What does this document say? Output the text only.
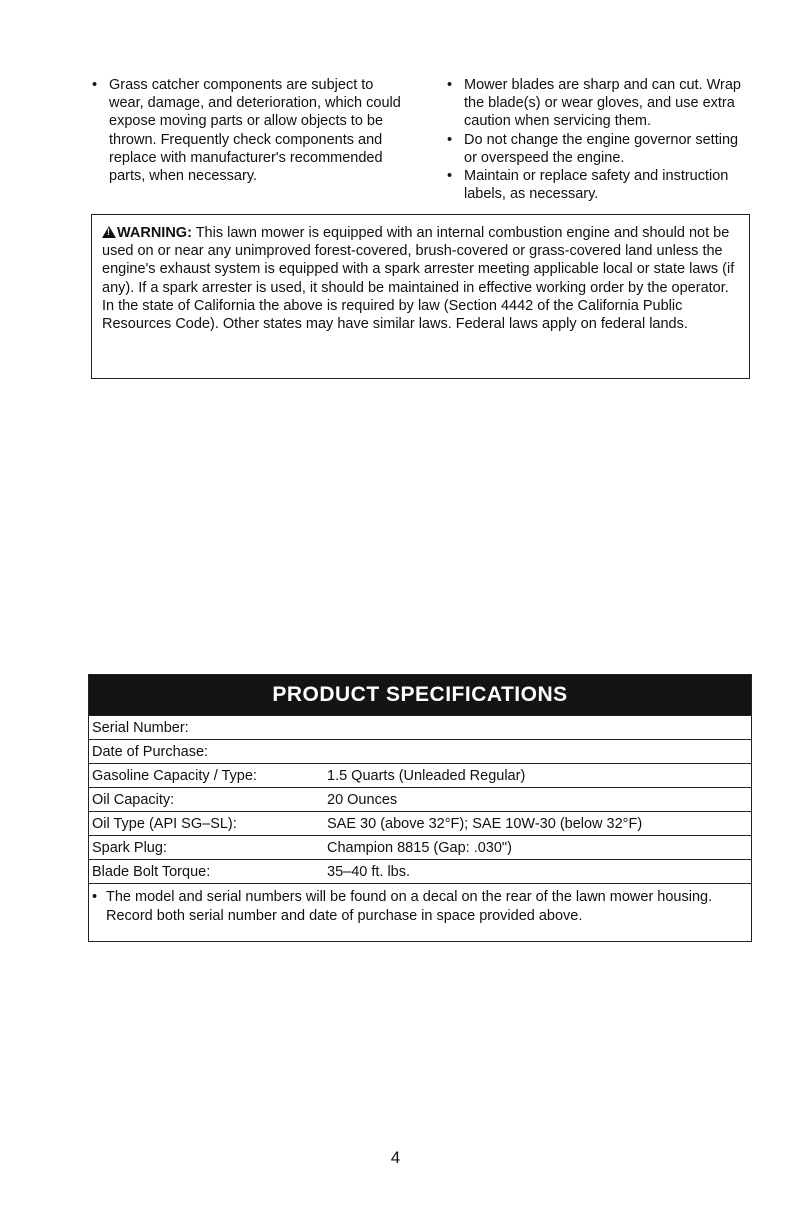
• Grass catcher components are subject to wear, damage, and deterioration, which could expose moving parts or allow objects to be thrown. Frequently check components and replace with manufacturer's recommended parts, when necessary.
• Mower blades are sharp and can cut. Wrap the blade(s) or wear gloves, and use extra caution when servicing them.
• Do not change the engine governor setting or overspeed the engine.
• Maintain or replace safety and instruction labels, as necessary.

!WARNING: This lawn mower is equipped with an internal combustion engine and should not be used on or near any unimproved forest-covered, brush-covered or grass-covered land unless the engine's exhaust system is equipped with a spark arrester meeting applicable local or state laws (if any). If a spark arrester is used, it should be maintained in effective working order by the operator.

In the state of California the above is required by law (Section 4442 of the California Public Resources Code). Other states may have similar laws. Federal laws apply on federal lands.

PRODUCT SPECIFICATIONS
Serial Number:
Date of Purchase:
Gasoline Capacity / Type:	1.5 Quarts (Unleaded Regular)
Oil Capacity:	20 Ounces
Oil Type (API SG–SL):	SAE 30 (above 32°F); SAE 10W-30 (below 32°F)
Spark Plug:	Champion 8815 (Gap: .030")
Blade Bolt Torque:	35–40 ft. lbs.
• The model and serial numbers will be found on a decal on the rear of the lawn mower housing. Record both serial number and date of purchase in space provided above.
4
